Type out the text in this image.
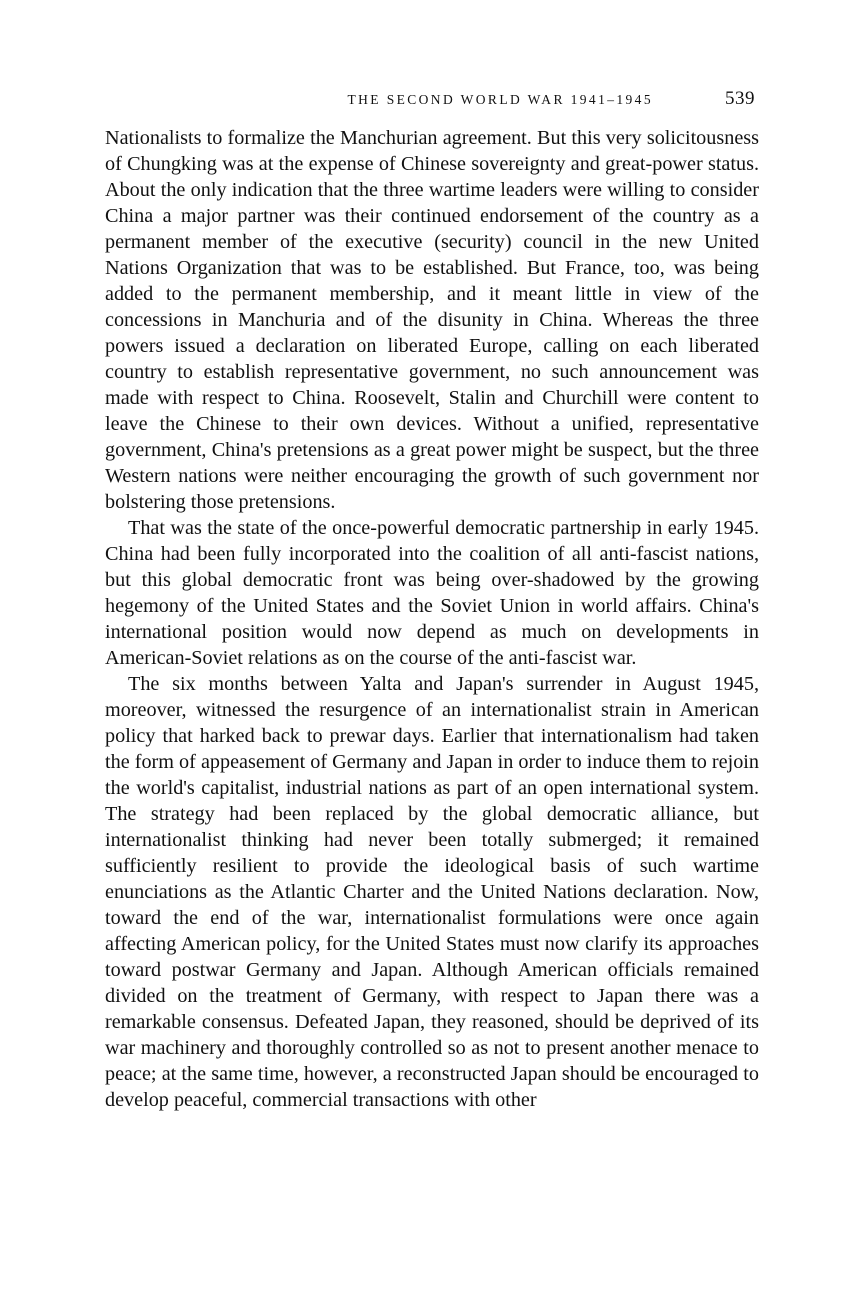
THE SECOND WORLD WAR 1941–1945	539

Nationalists to formalize the Manchurian agreement. But this very solicitousness of Chungking was at the expense of Chinese sovereignty and great-power status. About the only indication that the three wartime leaders were willing to consider China a major partner was their continued endorsement of the country as a permanent member of the executive (security) council in the new United Nations Organization that was to be established. But France, too, was being added to the permanent membership, and it meant little in view of the concessions in Manchuria and of the disunity in China. Whereas the three powers issued a declaration on liberated Europe, calling on each liberated country to establish representative government, no such announcement was made with respect to China. Roosevelt, Stalin and Churchill were content to leave the Chinese to their own devices. Without a unified, representative government, China's pretensions as a great power might be suspect, but the three Western nations were neither encouraging the growth of such government nor bolstering those pretensions.

That was the state of the once-powerful democratic partnership in early 1945. China had been fully incorporated into the coalition of all anti-fascist nations, but this global democratic front was being over-shadowed by the growing hegemony of the United States and the Soviet Union in world affairs. China's international position would now depend as much on developments in American-Soviet relations as on the course of the anti-fascist war.

The six months between Yalta and Japan's surrender in August 1945, moreover, witnessed the resurgence of an internationalist strain in American policy that harked back to prewar days. Earlier that internationalism had taken the form of appeasement of Germany and Japan in order to induce them to rejoin the world's capitalist, industrial nations as part of an open international system. The strategy had been replaced by the global democratic alliance, but internationalist thinking had never been totally submerged; it remained sufficiently resilient to provide the ideological basis of such wartime enunciations as the Atlantic Charter and the United Nations declaration. Now, toward the end of the war, internationalist formulations were once again affecting American policy, for the United States must now clarify its approaches toward postwar Germany and Japan. Although American officials remained divided on the treatment of Germany, with respect to Japan there was a remarkable consensus. Defeated Japan, they reasoned, should be deprived of its war machinery and thoroughly controlled so as not to present another menace to peace; at the same time, however, a reconstructed Japan should be encouraged to develop peaceful, commercial transactions with other
